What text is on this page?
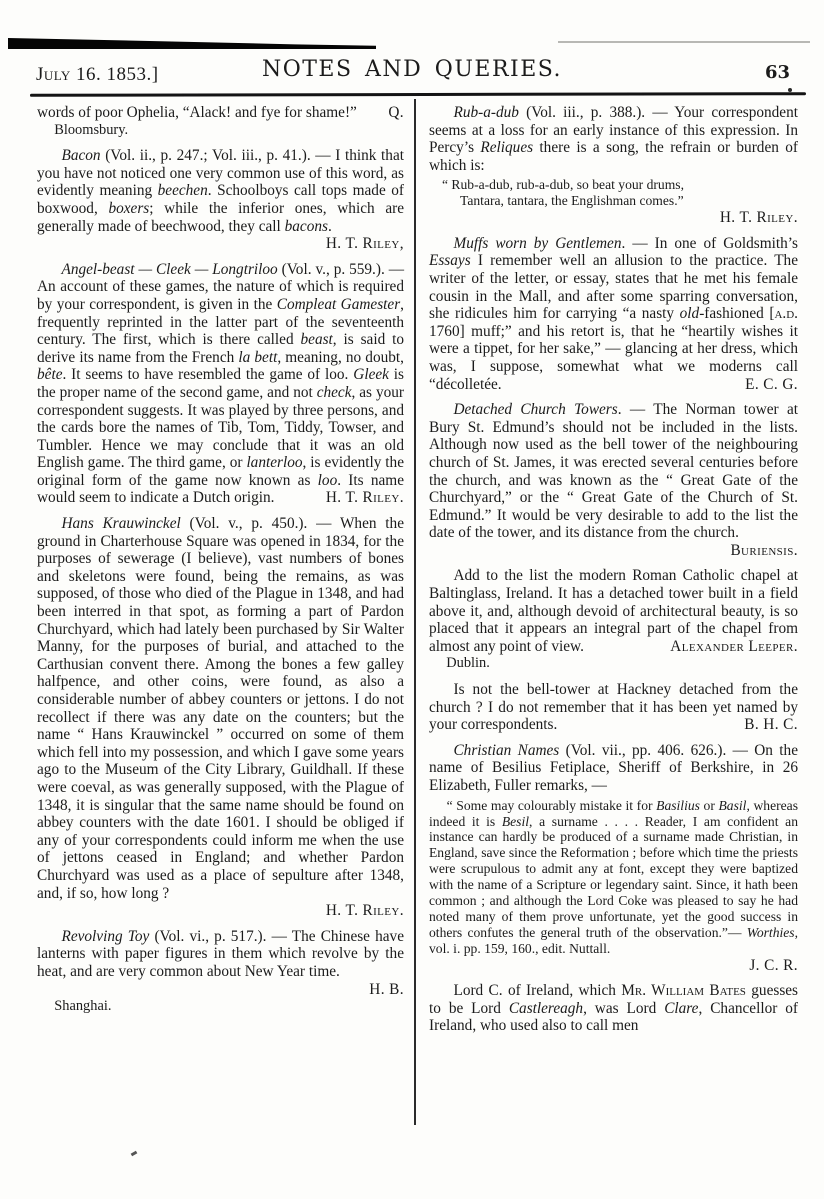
July 16. 1853.]	NOTES AND QUERIES.	63

words of poor Ophelia, “Alack! and fye for shame!”	Q.

Bloomsbury.

Bacon (Vol. ii., p. 247.; Vol. iii., p. 41.). — I think that you have not noticed one very common use of this word, as evidently meaning beechen. Schoolboys call tops made of boxwood, boxers; while the inferior ones, which are generally made of beechwood, they call bacons.
H. T. Riley,

Angel-beast — Cleek — Longtriloo (Vol. v., p. 559.). — An account of these games, the nature of which is required by your correspondent, is given in the Compleat Gamester, frequently reprinted in the latter part of the seventeenth century. The first, which is there called beast, is said to derive its name from the French la bett, meaning, no doubt, bête. It seems to have resembled the game of loo. Gleek is the proper name of the second game, and not check, as your correspondent suggests. It was played by three persons, and the cards bore the names of Tib, Tom, Tiddy, Towser, and Tumbler. Hence we may conclude that it was an old English game. The third game, or lanterloo, is evidently the original form of the game now known as loo. Its name would seem to indicate a Dutch origin.	H. T. Riley.

Hans Krauwinckel (Vol. v., p. 450.). — When the ground in Charterhouse Square was opened in 1834, for the purposes of sewerage (I believe), vast numbers of bones and skeletons were found, being the remains, as was supposed, of those who died of the Plague in 1348, and had been interred in that spot, as forming a part of Pardon Churchyard, which had lately been purchased by Sir Walter Manny, for the purposes of burial, and attached to the Carthusian convent there. Among the bones a few galley halfpence, and other coins, were found, as also a considerable number of abbey counters or jettons. I do not recollect if there was any date on the counters; but the name “ Hans Krauwinckel ” occurred on some of them which fell into my possession, and which I gave some years ago to the Museum of the City Library, Guildhall. If these were coeval, as was generally supposed, with the Plague of 1348, it is singular that the same name should be found on abbey counters with the date 1601. I should be obliged if any of your correspondents could inform me when the use of jettons ceased in England; and whether Pardon Churchyard was used as a place of sepulture after 1348, and, if so, how long ?

H. T. Riley.

Revolving Toy (Vol. vi., p. 517.). — The Chinese have lanterns with paper figures in them which revolve by the heat, and are very common about New Year time.
H. B.

Shanghai.

Rub-a-dub (Vol. iii., p. 388.). — Your correspondent seems at a loss for an early instance of this expression. In Percy’s Reliques there is a song, the refrain or burden of which is:

“ Rub-a-dub, rub-a-dub, so beat your drums,

Tantara, tantara, the Englishman comes.”

H. T. Riley.

Muffs worn by Gentlemen. — In one of Goldsmith’s Essays I remember well an allusion to the practice. The writer of the letter, or essay, states that he met his female cousin in the Mall, and after some sparring conversation, she ridicules him for carrying “a nasty old-fashioned [a.d. 1760] muff;” and his retort is, that he “heartily wishes it were a tippet, for her sake,” — glancing at her dress, which was, I suppose, somewhat what we moderns call “décolletée.	E. C. G.

Detached Church Towers. — The Norman tower at Bury St. Edmund’s should not be included in the lists. Although now used as the bell tower of the neighbouring church of St. James, it was erected several centuries before the church, and was known as the “ Great Gate of the Churchyard,” or the “ Great Gate of the Church of St. Edmund.” It would be very desirable to add to the list the date of the tower, and its distance from the church.
Buriensis.

Add to the list the modern Roman Catholic chapel at Baltinglass, Ireland. It has a detached tower built in a field above it, and, although devoid of architectural beauty, is so placed that it appears an integral part of the chapel from almost any point of view.	Alexander Leeper.

Dublin.

Is not the bell-tower at Hackney detached from the church ? I do not remember that it has been yet named by your correspondents.	B. H. C.

Christian Names (Vol. vii., pp. 406. 626.). — On the name of Besilius Fetiplace, Sheriff of Berkshire, in 26 Elizabeth, Fuller remarks, —

“ Some may colourably mistake it for Basilius or Basil, whereas indeed it is Besil, a surname . . . . Reader, I am confident an instance can hardly be produced of a surname made Christian, in England, save since the Reformation ; before which time the priests were scrupulous to admit any at font, except they were baptized with the name of a Scripture or legendary saint. Since, it hath been common ; and although the Lord Coke was pleased to say he had noted many of them prove unfortunate, yet the good success in others confutes the general truth of the observation.”— Worthies, vol. i. pp. 159, 160., edit. Nuttall.

J. C. R.

Lord C. of Ireland, which Mr. William Bates guesses to be Lord Castlereagh, was Lord Clare, Chancellor of Ireland, who used also to call men
